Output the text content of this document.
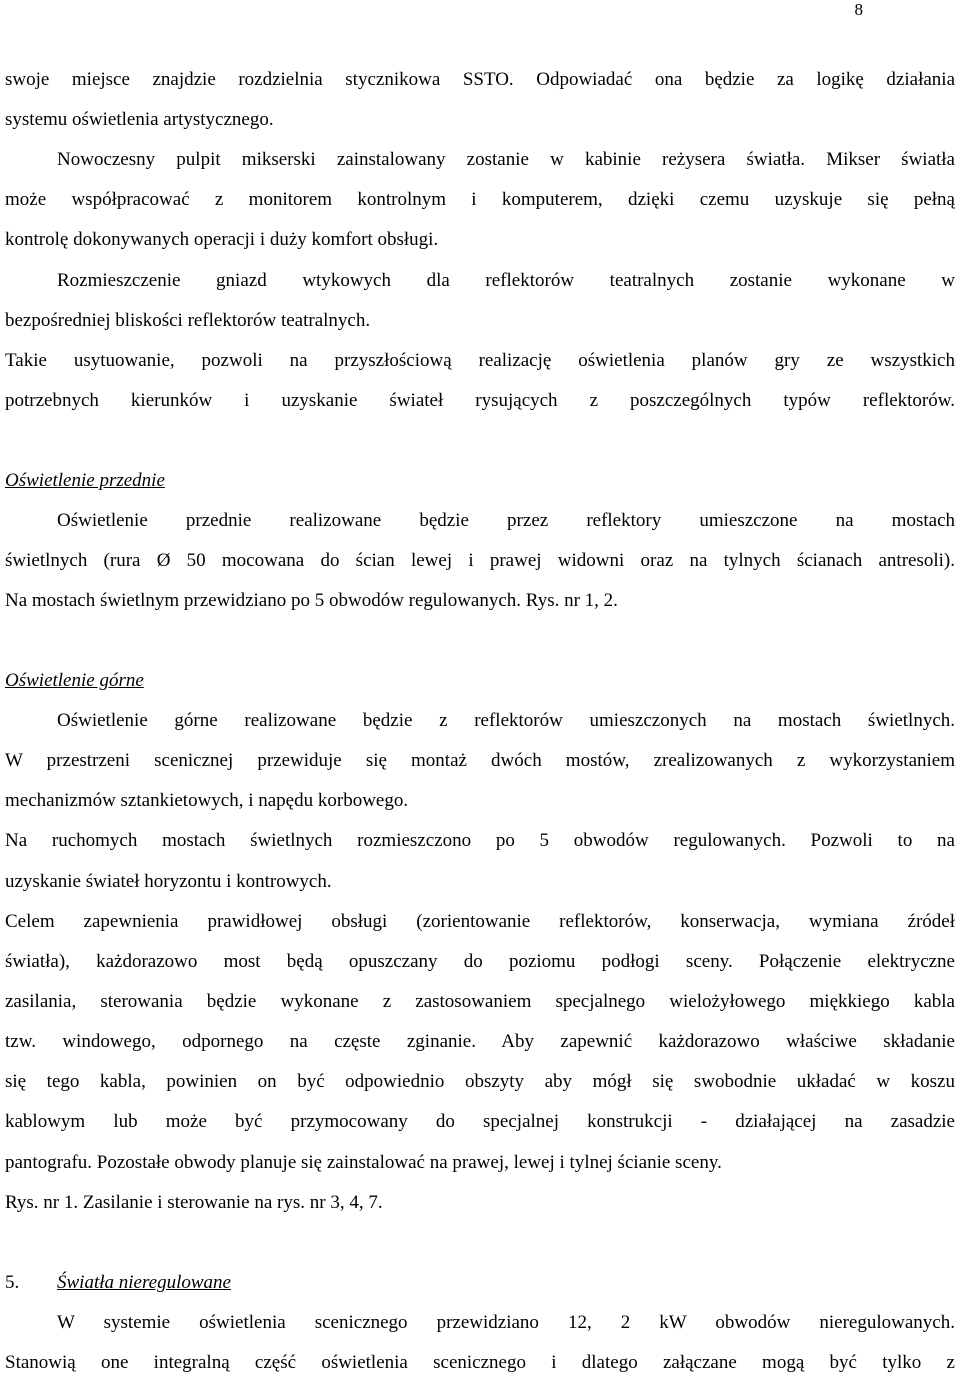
8
swoje miejsce znajdzie rozdzielnia stycznikowa SSTO. Odpowiadać ona będzie za logikę działania
systemu oświetlenia artystycznego.
Nowoczesny pulpit mikserski zainstalowany zostanie w kabinie reżysera światła. Mikser światła
może współpracować z monitorem kontrolnym i komputerem, dzięki czemu uzyskuje się pełną
kontrolę dokonywanych operacji i duży komfort obsługi.
Rozmieszczenie gniazd wtykowych dla reflektorów teatralnych zostanie wykonane w
bezpośredniej bliskości reflektorów teatralnych.
Takie usytuowanie, pozwoli na przyszłościową realizację oświetlenia planów gry ze wszystkich
potrzebnych kierunków i uzyskanie świateł rysujących z poszczególnych typów reflektorów.
Oświetlenie przednie
Oświetlenie przednie realizowane będzie przez reflektory umieszczone na mostach
świetlnych (rura Ø 50 mocowana do ścian lewej i prawej widowni oraz na tylnych ścianach antresoli).
Na mostach świetlnym przewidziano po 5 obwodów regulowanych. Rys. nr 1, 2.
Oświetlenie górne
Oświetlenie górne realizowane będzie z reflektorów umieszczonych na mostach świetlnych.
W przestrzeni scenicznej przewiduje się montaż dwóch mostów, zrealizowanych z wykorzystaniem
mechanizmów sztankietowych, i napędu korbowego.
Na ruchomych mostach świetlnych rozmieszczono po 5 obwodów regulowanych. Pozwoli to na
uzyskanie świateł horyzontu i kontrowych.
Celem zapewnienia prawidłowej obsługi (zorientowanie reflektorów, konserwacja, wymiana źródeł
światła), każdorazowo most będą opuszczany do poziomu podłogi sceny. Połączenie elektryczne
zasilania, sterowania będzie wykonane z zastosowaniem specjalnego wielożyłowego miękkiego kabla
tzw. windowego, odpornego na częste zginanie. Aby zapewnić każdorazowo właściwe składanie
się tego kabla, powinien on być odpowiednio obszyty aby mógł się swobodnie układać w koszu
kablowym lub może być przymocowany do specjalnej konstrukcji - działającej na zasadzie
pantografu. Pozostałe obwody planuje się zainstalować na prawej, lewej i tylnej ścianie sceny.
Rys. nr 1. Zasilanie i sterowanie na rys. nr 3, 4, 7.
5. Światła nieregulowane
W systemie oświetlenia scenicznego przewidziano 12, 2 kW obwodów nieregulowanych.
Stanowią one integralną część oświetlenia scenicznego i dlatego załączane mogą być tylko z
